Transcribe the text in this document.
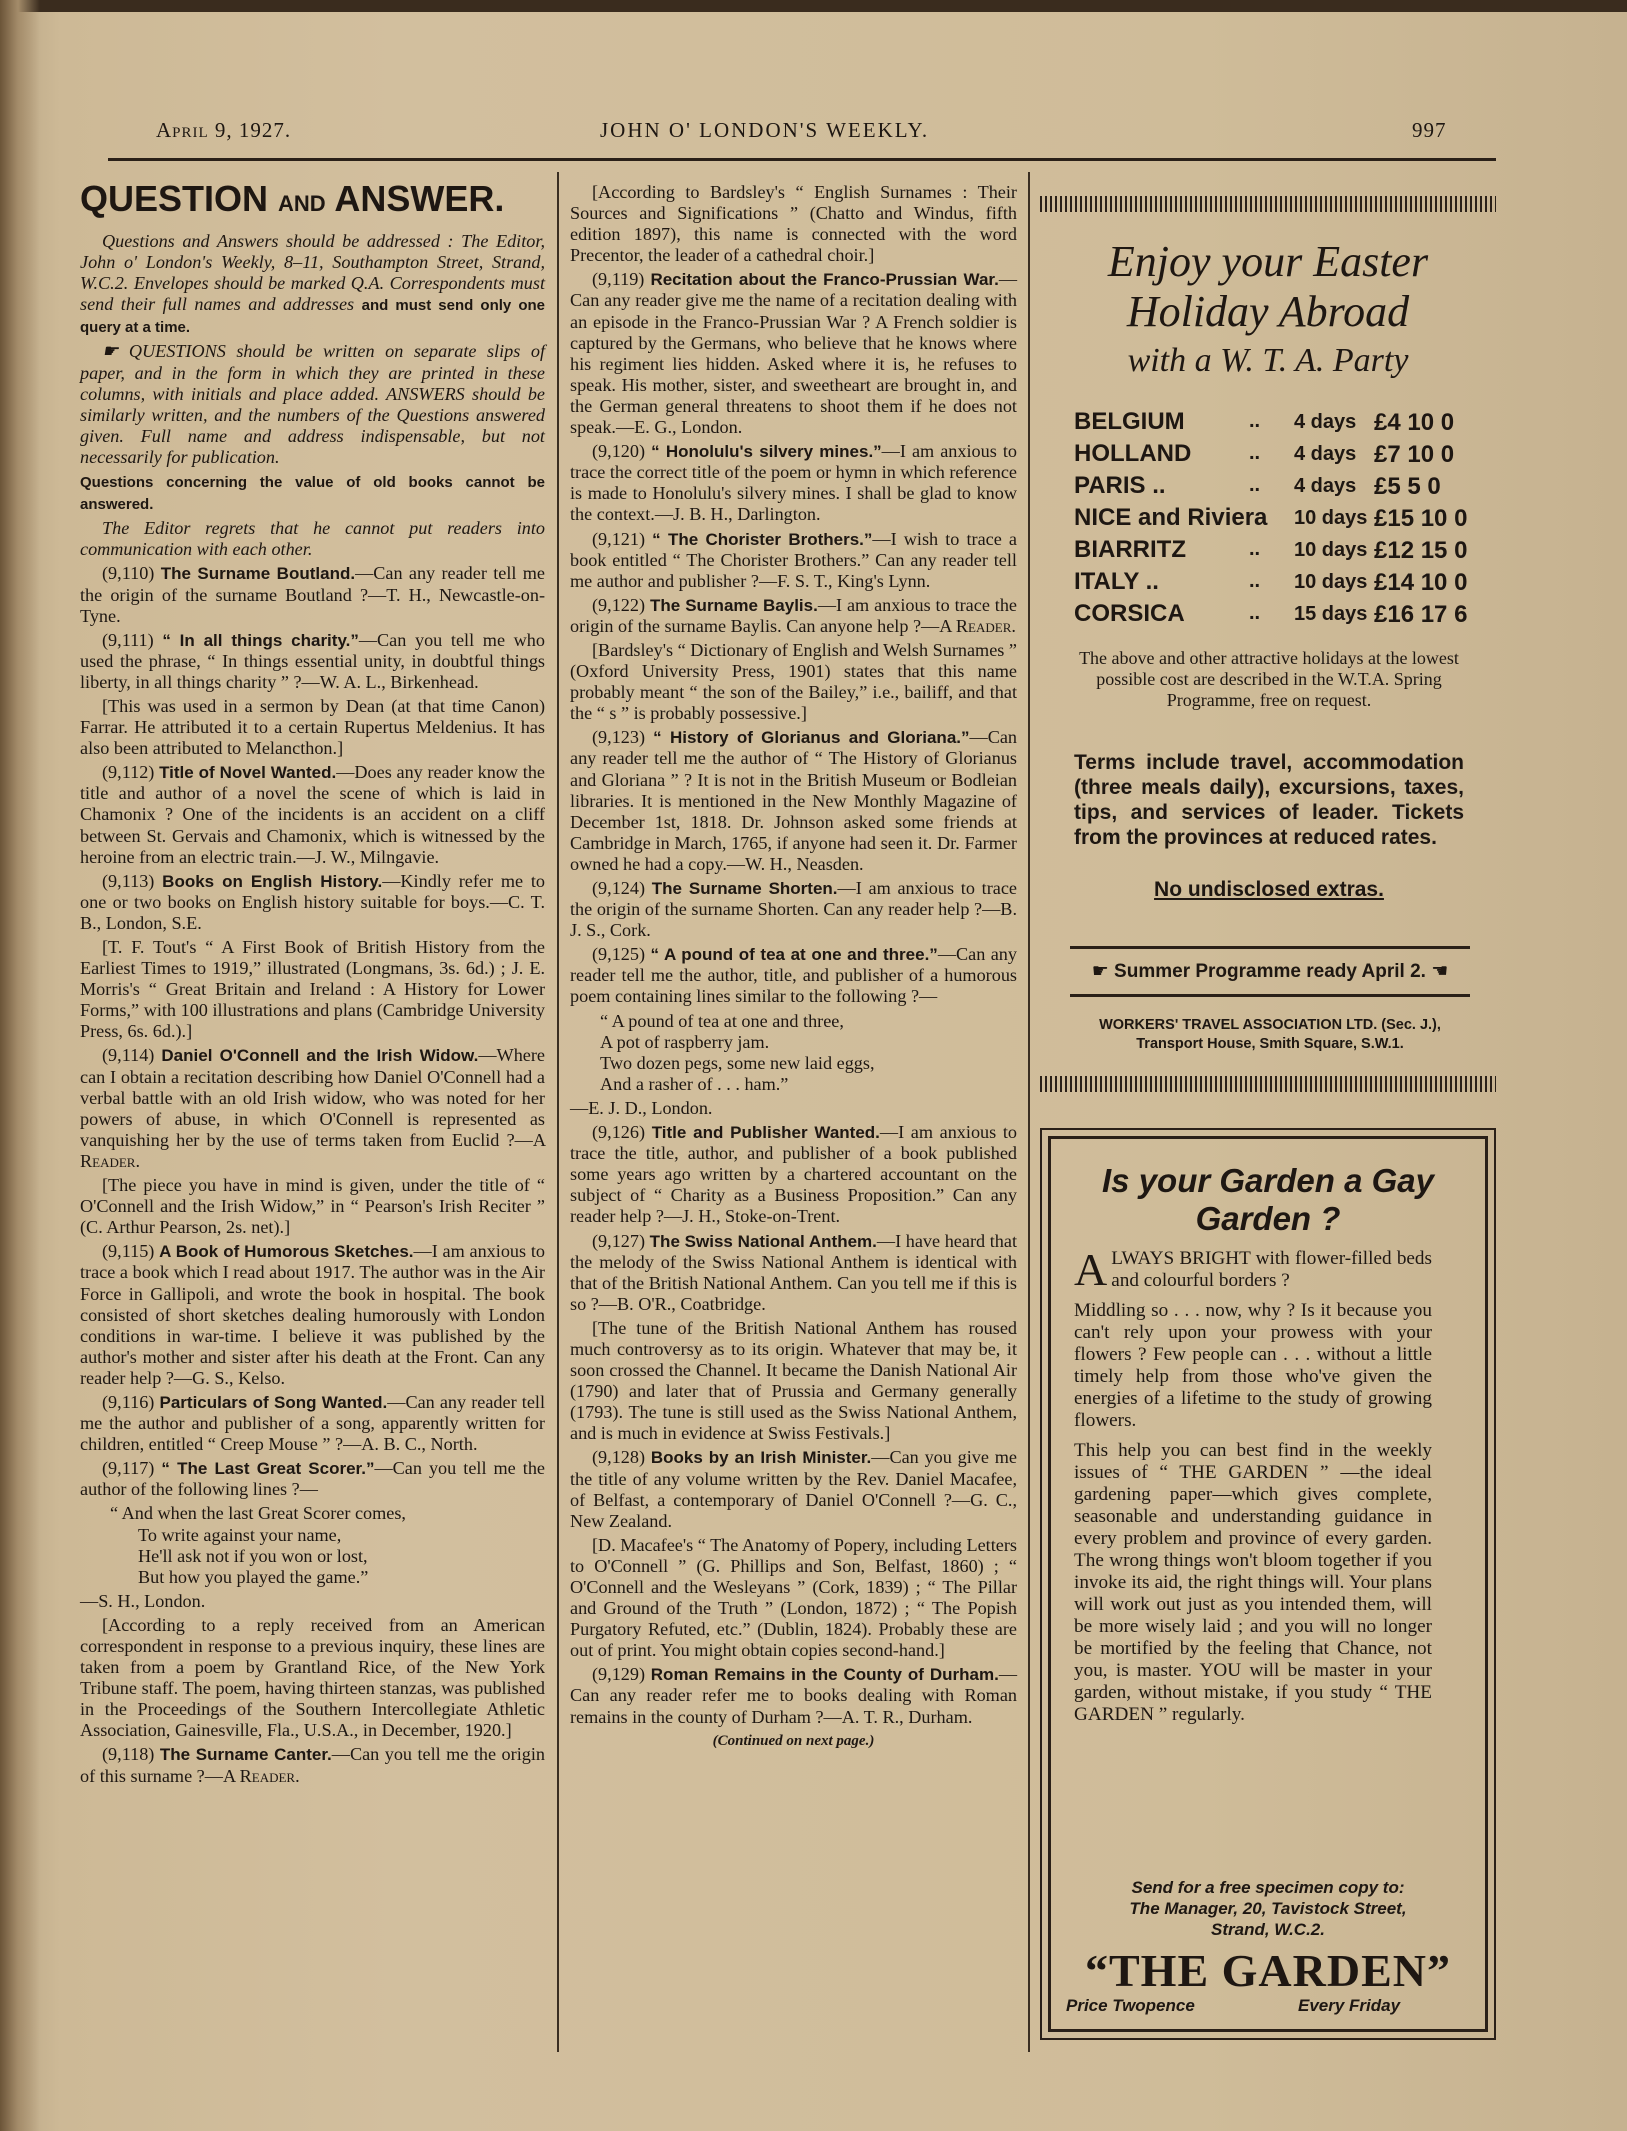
April 9, 1927.	JOHN O' LONDON'S WEEKLY.	997
QUESTION AND ANSWER.

Questions and Answers should be addressed : The Editor, John o' London's Weekly, 8–11, Southampton Street, Strand, W.C.2. Envelopes should be marked Q.A. Correspondents must send their full names and addresses and must send only one query at a time.

☛ QUESTIONS should be written on separate slips of paper, and in the form in which they are printed in these columns, with initials and place added. ANSWERS should be similarly written, and the numbers of the Questions answered given. Full name and address indispensable, but not necessarily for publication.

Questions concerning the value of old books cannot be answered.

The Editor regrets that he cannot put readers into communication with each other.

(9,110) The Surname Boutland.—Can any reader tell me the origin of the surname Boutland ?—T. H., Newcastle-on-Tyne.

(9,111) “ In all things charity.”—Can you tell me who used the phrase, “ In things essential unity, in doubtful things liberty, in all things charity ” ?—W. A. L., Birkenhead.

[This was used in a sermon by Dean (at that time Canon) Farrar. He attributed it to a certain Rupertus Meldenius. It has also been attributed to Melancthon.]

(9,112) Title of Novel Wanted.—Does any reader know the title and author of a novel the scene of which is laid in Chamonix ? One of the incidents is an accident on a cliff between St. Gervais and Chamonix, which is witnessed by the heroine from an electric train.—J. W., Milngavie.

(9,113) Books on English History.—Kindly refer me to one or two books on English history suitable for boys.—C. T. B., London, S.E.

[T. F. Tout's “ A First Book of British History from the Earliest Times to 1919,” illustrated (Longmans, 3s. 6d.) ; J. E. Morris's “ Great Britain and Ireland : A History for Lower Forms,” with 100 illustrations and plans (Cambridge University Press, 6s. 6d.).]

(9,114) Daniel O'Connell and the Irish Widow.—Where can I obtain a recitation describing how Daniel O'Connell had a verbal battle with an old Irish widow, who was noted for her powers of abuse, in which O'Connell is represented as vanquishing her by the use of terms taken from Euclid ?—A Reader.

[The piece you have in mind is given, under the title of “ O'Connell and the Irish Widow,” in “ Pearson's Irish Reciter ” (C. Arthur Pearson, 2s. net).]

(9,115) A Book of Humorous Sketches.—I am anxious to trace a book which I read about 1917. The author was in the Air Force in Gallipoli, and wrote the book in hospital. The book consisted of short sketches dealing humorously with London conditions in war-time. I believe it was published by the author's mother and sister after his death at the Front. Can any reader help ?—G. S., Kelso.

(9,116) Particulars of Song Wanted.—Can any reader tell me the author and publisher of a song, apparently written for children, entitled “ Creep Mouse ” ?—A. B. C., North.

(9,117) “ The Last Great Scorer.”—Can you tell me the author of the following lines ?—

“ And when the last Great Scorer comes,
To write against your name,
He'll ask not if you won or lost,
But how you played the game.”

—S. H., London.

[According to a reply received from an American correspondent in response to a previous inquiry, these lines are taken from a poem by Grantland Rice, of the New York Tribune staff. The poem, having thirteen stanzas, was published in the Proceedings of the Southern Intercollegiate Athletic Association, Gainesville, Fla., U.S.A., in December, 1920.]

(9,118) The Surname Canter.—Can you tell me the origin of this surname ?—A Reader.

[According to Bardsley's “ English Surnames : Their Sources and Significations ” (Chatto and Windus, fifth edition 1897), this name is connected with the word Precentor, the leader of a cathedral choir.]

(9,119) Recitation about the Franco-Prussian War.—Can any reader give me the name of a recitation dealing with an episode in the Franco-Prussian War ? A French soldier is captured by the Germans, who believe that he knows where his regiment lies hidden. Asked where it is, he refuses to speak. His mother, sister, and sweetheart are brought in, and the German general threatens to shoot them if he does not speak.—E. G., London.

(9,120) “ Honolulu's silvery mines.”—I am anxious to trace the correct title of the poem or hymn in which reference is made to Honolulu's silvery mines. I shall be glad to know the context.—J. B. H., Darlington.

(9,121) “ The Chorister Brothers.”—I wish to trace a book entitled “ The Chorister Brothers.” Can any reader tell me author and publisher ?—F. S. T., King's Lynn.

(9,122) The Surname Baylis.—I am anxious to trace the origin of the surname Baylis. Can anyone help ?—A Reader.

[Bardsley's “ Dictionary of English and Welsh Surnames ” (Oxford University Press, 1901) states that this name probably meant “ the son of the Bailey,” i.e., bailiff, and that the “ s ” is probably possessive.]

(9,123) “ History of Glorianus and Gloriana.”—Can any reader tell me the author of “ The History of Glorianus and Gloriana ” ? It is not in the British Museum or Bodleian libraries. It is mentioned in the New Monthly Magazine of December 1st, 1818. Dr. Johnson asked some friends at Cambridge in March, 1765, if anyone had seen it. Dr. Farmer owned he had a copy.—W. H., Neasden.

(9,124) The Surname Shorten.—I am anxious to trace the origin of the surname Shorten. Can any reader help ?—B. J. S., Cork.

(9,125) “ A pound of tea at one and three.”—Can any reader tell me the author, title, and publisher of a humorous poem containing lines similar to the following ?—

“ A pound of tea at one and three,
A pot of raspberry jam.
Two dozen pegs, some new laid eggs,
And a rasher of . . . ham.”

—E. J. D., London.

(9,126) Title and Publisher Wanted.—I am anxious to trace the title, author, and publisher of a book published some years ago written by a chartered accountant on the subject of “ Charity as a Business Proposition.” Can any reader help ?—J. H., Stoke-on-Trent.

(9,127) The Swiss National Anthem.—I have heard that the melody of the Swiss National Anthem is identical with that of the British National Anthem. Can you tell me if this is so ?—B. O'R., Coatbridge.

[The tune of the British National Anthem has roused much controversy as to its origin. Whatever that may be, it soon crossed the Channel. It became the Danish National Air (1790) and later that of Prussia and Germany generally (1793). The tune is still used as the Swiss National Anthem, and is much in evidence at Swiss Festivals.]

(9,128) Books by an Irish Minister.—Can you give me the title of any volume written by the Rev. Daniel Macafee, of Belfast, a contemporary of Daniel O'Connell ?—G. C., New Zealand.

[D. Macafee's “ The Anatomy of Popery, including Letters to O'Connell ” (G. Phillips and Son, Belfast, 1860) ; “ O'Connell and the Wesleyans ” (Cork, 1839) ; “ The Pillar and Ground of the Truth ” (London, 1872) ; “ The Popish Purgatory Refuted, etc.” (Dublin, 1824). Probably these are out of print. You might obtain copies second-hand.]

(9,129) Roman Remains in the County of Durham.—Can any reader refer me to books dealing with Roman remains in the county of Durham ?—A. T. R., Durham.

(Continued on next page.)

Enjoy your Easter
Holiday Abroad
with a W. T. A. Party
BELGIUM	.. 4 days £4 10 0
HOLLAND	.. 4 days £7 10 0
PARIS ..	.. 4 days £5 5 0
NICE and Riviera 10 days £15 10 0
BIARRITZ	.. 10 days £12 15 0
ITALY ..	.. 10 days £14 10 0
CORSICA	.. 15 days £16 17 6
The above and other attractive holidays at the lowest possible cost are described in the W.T.A. Spring Programme, free on request.
Terms include travel, accommodation (three meals daily), excursions, taxes, tips, and services of leader. Tickets from the provinces at reduced rates.
No undisclosed extras.
☛ Summer Programme ready April 2. ☚
WORKERS' TRAVEL ASSOCIATION LTD. (Sec. J.),
Transport House, Smith Square, S.W.1.
Is your Garden a Gay Garden ?

ALWAYS BRIGHT with flower-filled beds and colourful borders ?

Middling so . . . now, why ? Is it because you can't rely upon your prowess with your flowers ? Few people can . . . without a little timely help from those who've given the energies of a lifetime to the study of growing flowers.

This help you can best find in the weekly issues of “ THE GARDEN ” —the ideal gardening paper—which gives complete, seasonable and understanding guidance in every problem and province of every garden. The wrong things won't bloom together if you invoke its aid, the right things will. Your plans will work out just as you intended them, will be more wisely laid ; and you will no longer be mortified by the feeling that Chance, not you, is master. YOU will be master in your garden, without mistake, if you study “ THE GARDEN ” regularly.

Send for a free specimen copy to:
The Manager, 20, Tavistock Street,
Strand, W.C.2.
“THE GARDEN”
Price Twopence	Every Friday
